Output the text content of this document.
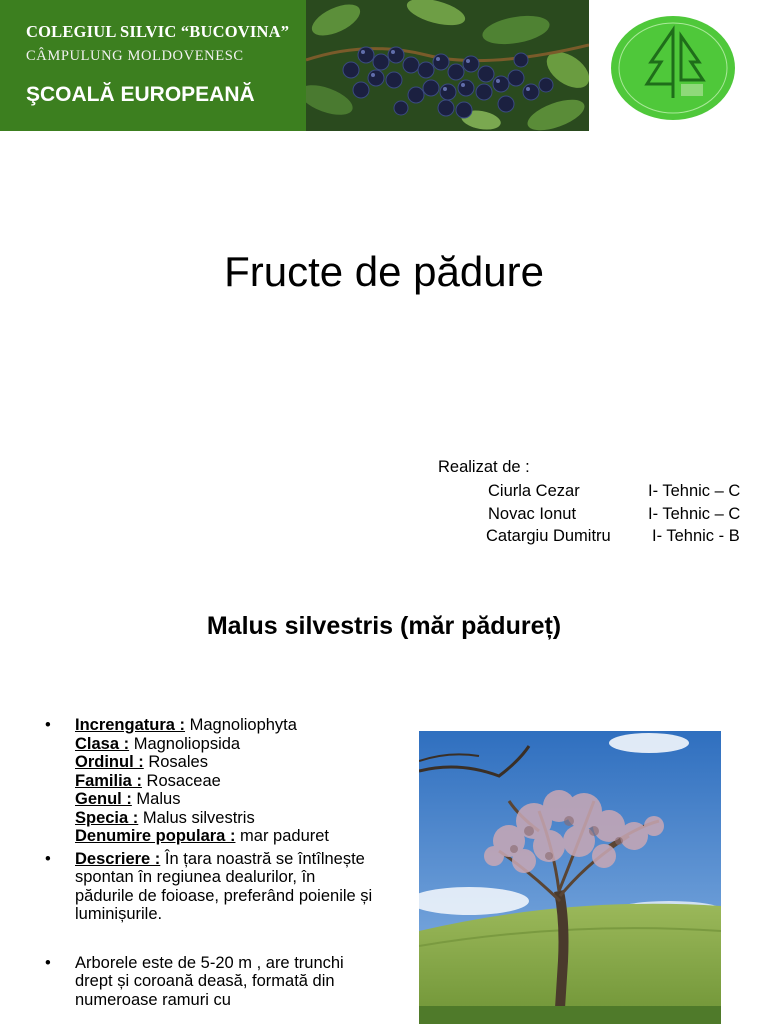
COLEGIUL SILVIC “BUCOVINA”
CÂMPULUNG MOLDOVENESC
ŞCOALĂ EUROPEANĂ
Fructe de pădure
Realizat de :
Ciurla Cezar	I- Tehnic – C
Novac Ionut	I- Tehnic – C
Catargiu Dumitru	I- Tehnic - B
Malus silvestris (măr pădureț)
• Increngatura : Magnoliophyta
Clasa : Magnoliopsida
Ordinul : Rosales
Familia : Rosaceae
Genul : Malus
Specia : Malus silvestris
Denumire populara : mar paduret
• Descriere : În țara noastră se întîlnește spontan în regiunea dealurilor, în pădurile de foioase, preferând poienile și luminișurile.
• Arborele este de 5-20 m , are trunchi drept și coroană deasă, formată din numeroase ramuri cu
